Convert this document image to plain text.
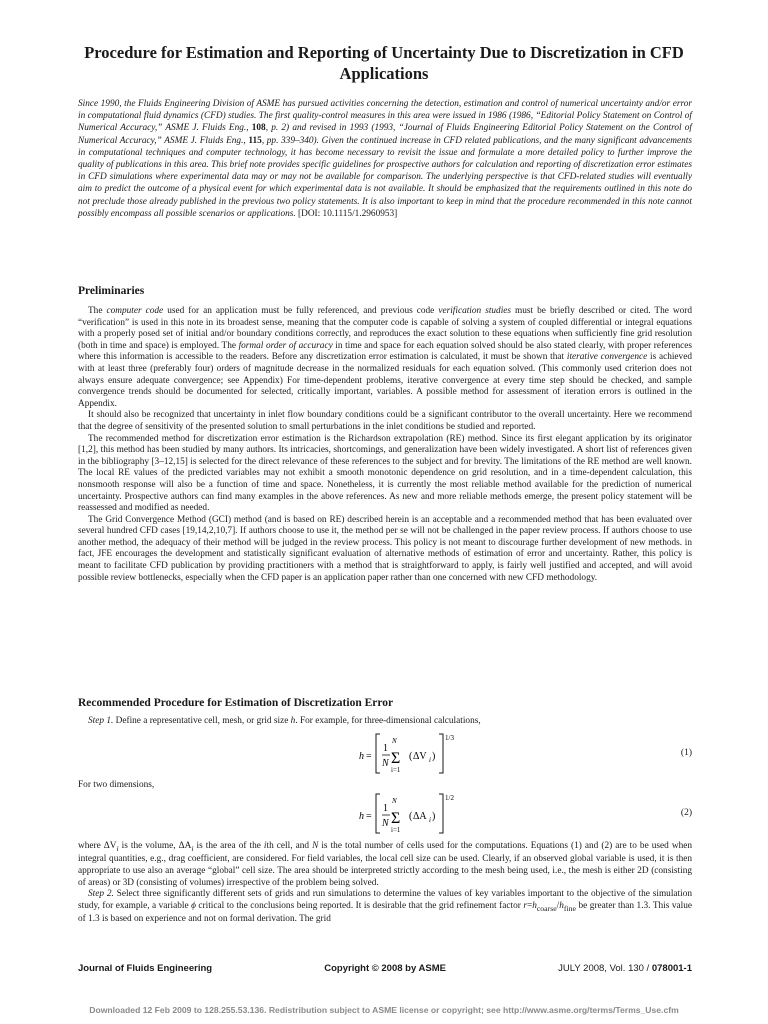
Procedure for Estimation and Reporting of Uncertainty Due to Discretization in CFD Applications
Since 1990, the Fluids Engineering Division of ASME has pursued activities concerning the detection, estimation and control of numerical uncertainty and/or error in computational fluid dynamics (CFD) studies. The first quality-control measures in this area were issued in 1986 (1986, “Editorial Policy Statement on Control of Numerical Accuracy,” ASME J. Fluids Eng., 108, p. 2) and revised in 1993 (1993, “Journal of Fluids Engineering Editorial Policy Statement on the Control of Numerical Accuracy,” ASME J. Fluids Eng., 115, pp. 339–340). Given the continued increase in CFD related publications, and the many significant advancements in computational techniques and computer technology, it has become necessary to revisit the issue and formulate a more detailed policy to further improve the quality of publications in this area. This brief note provides specific guidelines for prospective authors for calculation and reporting of discretization error estimates in CFD simulations where experimental data may or may not be available for comparison. The underlying perspective is that CFD-related studies will eventually aim to predict the outcome of a physical event for which experimental data is not available. It should be emphasized that the requirements outlined in this note do not preclude those already published in the previous two policy statements. It is also important to keep in mind that the procedure recommended in this note cannot possibly encompass all possible scenarios or applications. [DOI: 10.1115/1.2960953]
Preliminaries

The computer code used for an application must be fully referenced, and previous code verification studies must be briefly described or cited. The word “verification” is used in this note in its broadest sense, meaning that the computer code is capable of solving a system of coupled differential or integral equations with a properly posed set of initial and/or boundary conditions correctly, and reproduces the exact solution to these equations when sufficiently fine grid resolution (both in time and space) is employed. The formal order of accuracy in time and space for each equation solved should be also stated clearly, with proper references where this information is accessible to the readers. Before any discretization error estimation is calculated, it must be shown that iterative convergence is achieved with at least three (preferably four) orders of magnitude decrease in the normalized residuals for each equation solved. (This commonly used criterion does not always ensure adequate convergence; see Appendix) For time-dependent problems, iterative convergence at every time step should be checked, and sample convergence trends should be documented for selected, critically important, variables. A possible method for assessment of iteration errors is outlined in the Appendix.

It should also be recognized that uncertainty in inlet flow boundary conditions could be a significant contributor to the overall uncertainty. Here we recommend that the degree of sensitivity of the presented solution to small perturbations in the inlet conditions be studied and reported.

The recommended method for discretization error estimation is the Richardson extrapolation (RE) method. Since its first elegant application by its originator [1,2], this method has been studied by many authors. Its intricacies, shortcomings, and generalization have been widely investigated. A short list of references given in the bibliography [3–12,15] is selected for the direct relevance of these references to the subject and for brevity. The limitations of the RE method are well known. The local RE values of the predicted variables may not exhibit a smooth monotonic dependence on grid resolution, and in a time-dependent calculation, this nonsmooth response will also be a function of time and space. Nonetheless, it is currently the most reliable method available for the prediction of numerical uncertainty. Prospective authors can find many examples in the above references. As new and more reliable methods emerge, the present policy statement will be reassessed and modified as needed.

The Grid Convergence Method (GCI) method (and is based on RE) described herein is an acceptable and a recommended method that has been evaluated over several hundred CFD cases [19,14,2,10,7]. If authors choose to use it, the method per se will not be challenged in the paper review process. If authors choose to use another method, the adequacy of their method will be judged in the review process. This policy is not meant to discourage further development of new methods. in fact, JFE encourages the development and statistically significant evaluation of alternative methods of estimation of error and uncertainty. Rather, this policy is meant to facilitate CFD publication by providing practitioners with a method that is straightforward to apply, is fairly well justified and accepted, and will avoid possible review bottlenecks, especially when the CFD paper is an application paper rather than one concerned with new CFD methodology.

Recommended Procedure for Estimation of Discretization Error

Step 1. Define a representative cell, mesh, or grid size h. For example, for three-dimensional calculations,

h =
1
N
N
Σ
i=1
( ΔV i )
1/3
(1)

For two dimensions,

h =
1
N
N
Σ
i=1
( ΔA i )
1/2
(2)

where $\Delta V_i$ is the volume, $\Delta A_i$ is the area of the ith cell, and N is the total number of cells used for the computations. Equations (1) and (2) are to be used when integral quantities, e.g., drag coefficient, are considered. For field variables, the local cell size can be used. Clearly, if an observed global variable is used, it is then appropriate to use also an average “global” cell size. The area should be interpreted strictly according to the mesh being used, i.e., the mesh is either 2D (consisting of areas) or 3D (consisting of volumes) irrespective of the problem being solved.

Step 2. Select three significantly different sets of grids and run simulations to determine the values of key variables important to the objective of the simulation study, for example, a variable ϕ critical to the conclusions being reported. It is desirable that the grid refinement factor $r=h_{coarse}/h_{fine}$ be greater than 1.3. This value of 1.3 is based on experience and not on formal derivation. The grid

Journal of Fluids Engineering	Copyright © 2008 by ASME	JULY 2008, Vol. 130 / 078001-1
Downloaded 12 Feb 2009 to 128.255.53.136. Redistribution subject to ASME license or copyright; see http://www.asme.org/terms/Terms_Use.cfm
